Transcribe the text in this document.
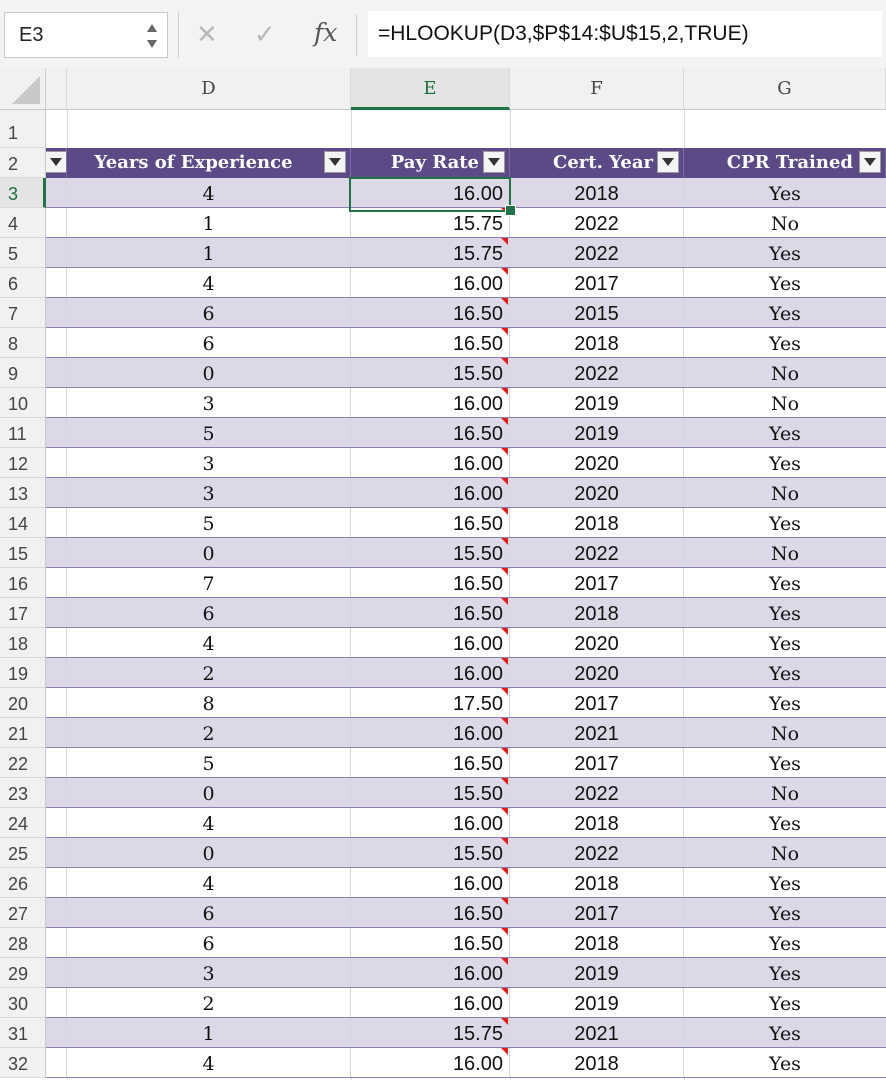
E3	✕ ✓ fx	=HLOOKUP(D3,$P$14:$U$15,2,TRUE)
D	E	F	G
1
2	Years of Experience	Pay Rate	Cert. Year	CPR Trained
3	4	16.00	2018	Yes
4	1	15.75	2022	No
5	1	15.75	2022	Yes
6	4	16.00	2017	Yes
7	6	16.50	2015	Yes
8	6	16.50	2018	Yes
9	0	15.50	2022	No
10	3	16.00	2019	No
11	5	16.50	2019	Yes
12	3	16.00	2020	Yes
13	3	16.00	2020	No
14	5	16.50	2018	Yes
15	0	15.50	2022	No
16	7	16.50	2017	Yes
17	6	16.50	2018	Yes
18	4	16.00	2020	Yes
19	2	16.00	2020	Yes
20	8	17.50	2017	Yes
21	2	16.00	2021	No
22	5	16.50	2017	Yes
23	0	15.50	2022	No
24	4	16.00	2018	Yes
25	0	15.50	2022	No
26	4	16.00	2018	Yes
27	6	16.50	2017	Yes
28	6	16.50	2018	Yes
29	3	16.00	2019	Yes
30	2	16.00	2019	Yes
31	1	15.75	2021	Yes
32	4	16.00	2018	Yes
